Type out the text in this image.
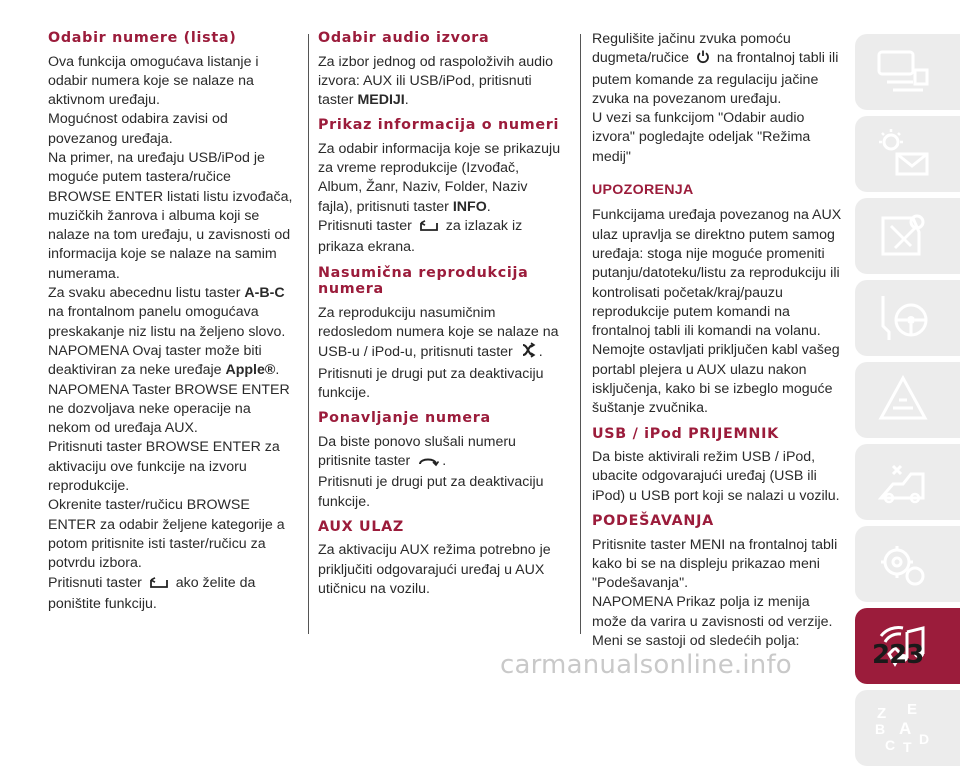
Odabir numere (lista)

Ova funkcija omogućava listanje i odabir numera koje se nalaze na aktivnom uređaju.

Mogućnost odabira zavisi od povezanog uređaja.

Na primer, na uređaju USB/iPod je moguće putem tastera/ručice BROWSE ENTER listati listu izvođača, muzičkih žanrova i albuma koji se nalaze na tom uređaju, u zavisnosti od informacija koje se nalaze na samim numerama.

Za svaku abecednu listu taster A-B-C na frontalnom panelu omogućava preskakanje niz listu na željeno slovo.

NAPOMENA Ovaj taster može biti deaktiviran za neke uređaje Apple®.

NAPOMENA Taster BROWSE ENTER ne dozvoljava neke operacije na nekom od uređaja AUX.

Pritisnuti taster BROWSE ENTER za aktivaciju ove funkcije na izvoru reprodukcije.

Okrenite taster/ručicu BROWSE ENTER za odabir željene kategorije a potom pritisnite isti taster/ručicu za potvrdu izbora.

Pritisnuti taster  ako želite da poništite funkciju.

Odabir audio izvora

Za izbor jednog od raspoloživih audio izvora: AUX ili USB/iPod, pritisnuti taster MEDIJI.

Prikaz informacija o numeri

Za odabir informacija koje se prikazuju za vreme reprodukcije (Izvođač, Album, Žanr, Naziv, Folder, Naziv fajla), pritisnuti taster INFO.

Pritisnuti taster  za izlazak iz prikaza ekrana.

Nasumična reprodukcija numera

Za reprodukciju nasumičnim redosledom numera koje se nalaze na USB-u / iPod-u, pritisnuti taster .

Pritisnuti je drugi put za deaktivaciju funkcije.

Ponavljanje numera

Da biste ponovo slušali numeru pritisnite taster .

Pritisnuti je drugi put za deaktivaciju funkcije.

AUX ULAZ

Za aktivaciju AUX režima potrebno je priključiti odgovarajući uređaj u AUX utičnicu na vozilu.

Regulišite jačinu zvuka pomoću dugmeta/ručice  na frontalnoj tabli ili putem komande za regulaciju jačine zvuka na povezanom uređaju.

U vezi sa funkcijom "Odabir audio izvora" pogledajte odeljak "Režima medij"

UPOZORENJA

Funkcijama uređaja povezanog na AUX ulaz upravlja se direktno putem samog uređaja: stoga nije moguće promeniti putanju/datoteku/listu za reprodukciju ili kontrolisati početak/kraj/pauzu reprodukcije putem komandi na frontalnoj tabli ili komandi na volanu.

Nemojte ostavljati priključen kabl vašeg portabl plejera u AUX ulazu nakon isključenja, kako bi se izbeglo moguće šuštanje zvučnika.

USB / iPod PRIJEMNIK

Da biste aktivirali režim USB / iPod, ubacite odgovarajući uređaj (USB ili iPod) u USB port koji se nalazi u vozilu.

PODEŠAVANJA

Pritisnite taster MENI na frontalnoj tabli kako bi se na displeju prikazao meni "Podešavanja".

NAPOMENA Prikaz polja iz menija može da varira u zavisnosti od verzije.

Meni se sastoji od sledećih polja:

Z E
B A
C T D
carmanualsonline.info	223
